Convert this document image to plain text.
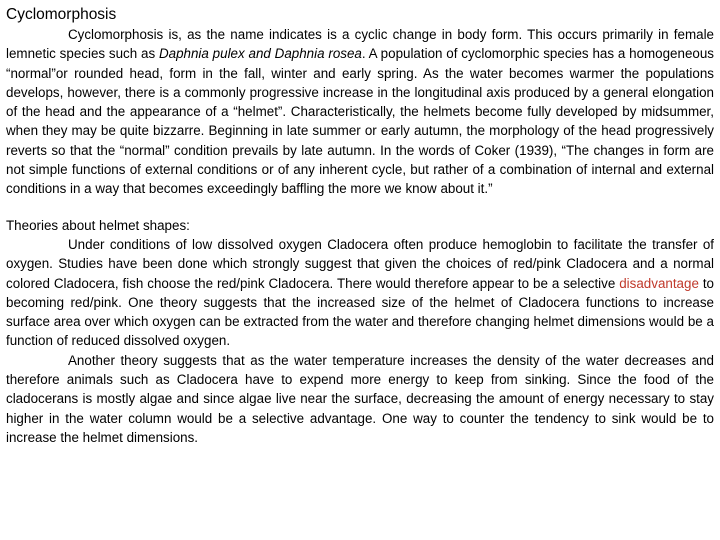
Cyclomorphosis

Cyclomorphosis is, as the name indicates is a cyclic change in body form. This occurs primarily in female lemnetic species such as Daphnia pulex and Daphnia rosea. A population of cyclomorphic species has a homogeneous “normal”or rounded head, form in the fall, winter and early spring. As the water becomes warmer the populations develops, however, there is a commonly progressive increase in the longitudinal axis produced by a general elongation of the head and the appearance of a “helmet”. Characteristically, the helmets become fully developed by midsummer, when they may be quite bizzarre. Beginning in late summer or early autumn, the morphology of the head progressively reverts so that the “normal” condition prevails by late autumn. In the words of Coker (1939), “The changes in form are not simple functions of external conditions or of any inherent cycle, but rather of a combination of internal and external conditions in a way that becomes exceedingly baffling the more we know about it.”

Theories about helmet shapes:

Under conditions of low dissolved oxygen Cladocera often produce hemoglobin to facilitate the transfer of oxygen. Studies have been done which strongly suggest that given the choices of red/pink Cladocera and a normal colored Cladocera, fish choose the red/pink Cladocera. There would therefore appear to be a selective disadvantage to becoming red/pink. One theory suggests that the increased size of the helmet of Cladocera functions to increase surface area over which oxygen can be extracted from the water and therefore changing helmet dimensions would be a function of reduced dissolved oxygen.

Another theory suggests that as the water temperature increases the density of the water decreases and therefore animals such as Cladocera have to expend more energy to keep from sinking. Since the food of the cladocerans is mostly algae and since algae live near the surface, decreasing the amount of energy necessary to stay higher in the water column would be a selective advantage. One way to counter the tendency to sink would be to increase the helmet dimensions.
